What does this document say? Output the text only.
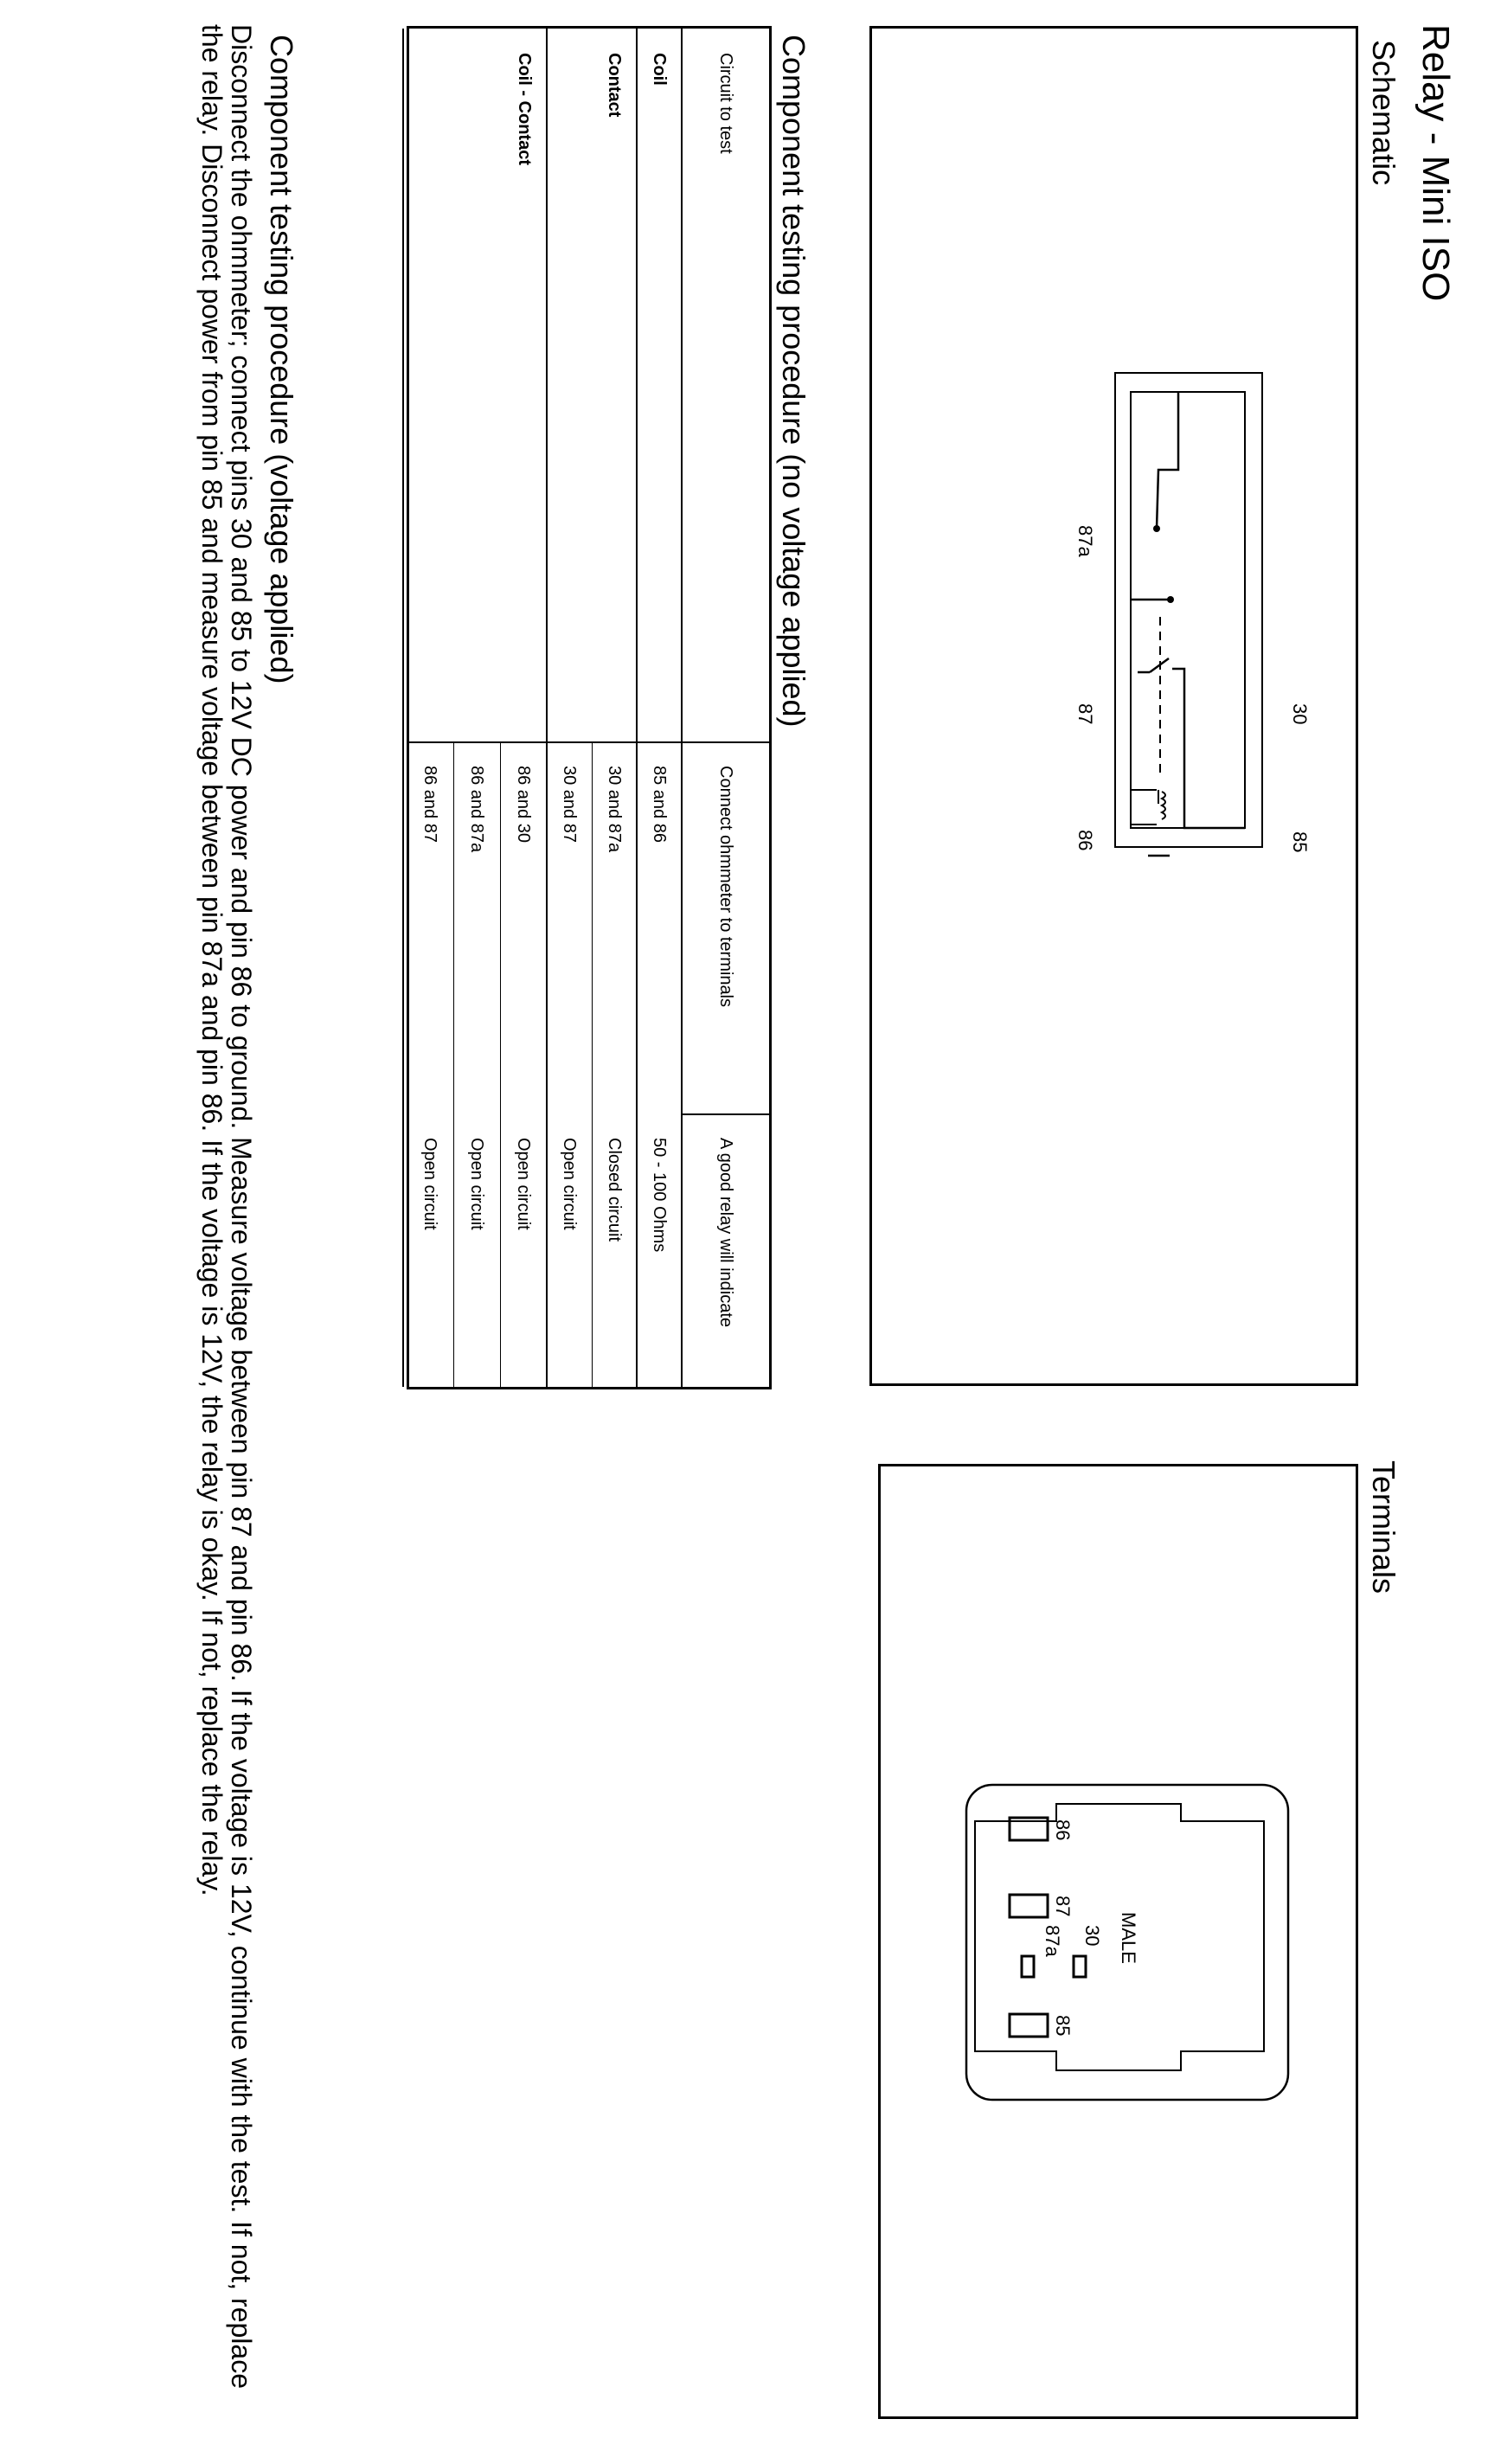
Relay - Mini ISO
Schematic
30
85
87a
87
86
Terminals
86
87
87a 30
85
MALE
Component testing procedure (no voltage applied)
Circuit to test
Connect ohmmeter to terminals
A good relay will indicate
Coil
85 and 86
50 - 100 Ohms
Contact
30 and 87a
Closed circuit
30 and 87
Open circuit
Coil - Contact
86 and 30
Open circuit
86 and 87a
Open circuit
86 and 87
Open circuit
Component testing procedure (voltage applied)
Disconnect the ohmmeter; connect pins 30 and 85 to 12V DC power and pin 86 to ground. Measure voltage between pin 87 and pin 86. If the voltage is 12V, continue with the test. If not, replace the relay. Disconnect power from pin 85 and measure voltage between pin 87a and pin 86. If the voltage is 12V, the relay is okay. If not, replace the relay.
